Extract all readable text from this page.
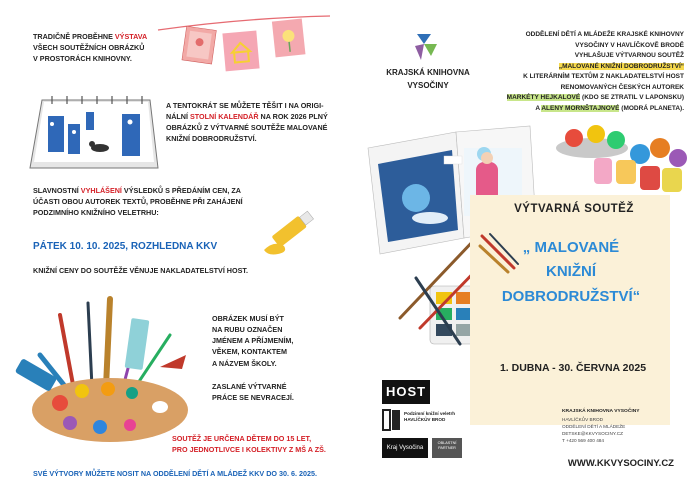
TRADIČNĚ PROBĚHNE VÝSTAVA
VŠECH SOUTĚŽNÍCH OBRÁZKŮ
V PROSTORÁCH KNIHOVNY.
A TENTOKRÁT SE MŮŽETE TĚŠIT I NA ORIGI-
NÁLNÍ STOLNÍ KALENDÁŘ NA ROK 2026 PLNÝ
OBRÁZKŮ Z VÝTVARNÉ SOUTĚŽE MALOVANÉ
KNIŽNÍ DOBRODRUŽSTVÍ.
SLAVNOSTNÍ VYHLÁŠENÍ VÝSLEDKŮ S PŘEDÁNÍM CEN, ZA
ÚČASTI OBOU AUTOREK TEXTŮ, PROBĚHNE PŘI ZAHÁJENÍ
PODZIMNÍHO KNIŽNÍHO VELETRHU:
PÁTEK 10. 10. 2025, ROZHLEDNA KKV
KNIŽNÍ CENY DO SOUTĚŽE VĚNUJE NAKLADATELSTVÍ HOST.
OBRÁZEK MUSÍ BÝT
NA RUBU OZNAČEN
JMÉNEM A PŘÍJMENÍM,
VĚKEM, KONTAKTEM
A NÁZVEM ŠKOLY.
ZASLANÉ VÝTVARNÉ
PRÁCE SE NEVRACEJÍ.
SOUTĚŽ JE URČENA DĚTEM DO 15 LET,
PRO JEDNOTLIVCE I KOLEKTIVY Z MŠ A ZŠ.
SVÉ VÝTVORY MŮŽETE NOSIT NA ODDĚLENÍ DĚTÍ A MLÁDEŽ KKV DO 30. 6. 2025.
KRAJSKÁ KNIHOVNA
VYSOČINY
ODDĚLENÍ DĚTÍ A MLÁDEŽE KRAJSKÉ KNIHOVNY
VYSOČINY V HAVLÍČKOVĚ BRODĚ
VYHLAŠUJE VÝTVARNOU SOUTĚŽ
„MALOVANÉ KNIŽNÍ DOBRODRUŽSTVÍ“
K LITERÁRNÍM TEXTŮM Z NAKLADATELSTVÍ HOST
RENOMOVANÝCH ČESKÝCH AUTOREK
MARKÉTY HEJKALOVÉ (KDO SE ZTRATIL V LAPONSKU)
A ALENY MORNŠTAJNOVÉ (MODRÁ PLANETA).
VÝTVARNÁ SOUTĚŽ
„ MALOVANÉ
KNIŽNÍ
DOBRODRUŽSTVÍ“
1. DUBNA - 30. ČERVNA 2025
HOST
Podzimní knižní veletrh
HAVLÍČKŮV BROD
Kraj Vysočina
OBLASTNÍ
PARTNER
KRAJSKÁ KNIHOVNA VYSOČINY
HAVLÍČKŮV BROD
ODDĚLENÍ DĚTÍ A MLÁDEŽE
DETSKE@KKVYSOCINY.CZ
T +420 569 400 484
WWW.KKVYSOCINY.CZ
